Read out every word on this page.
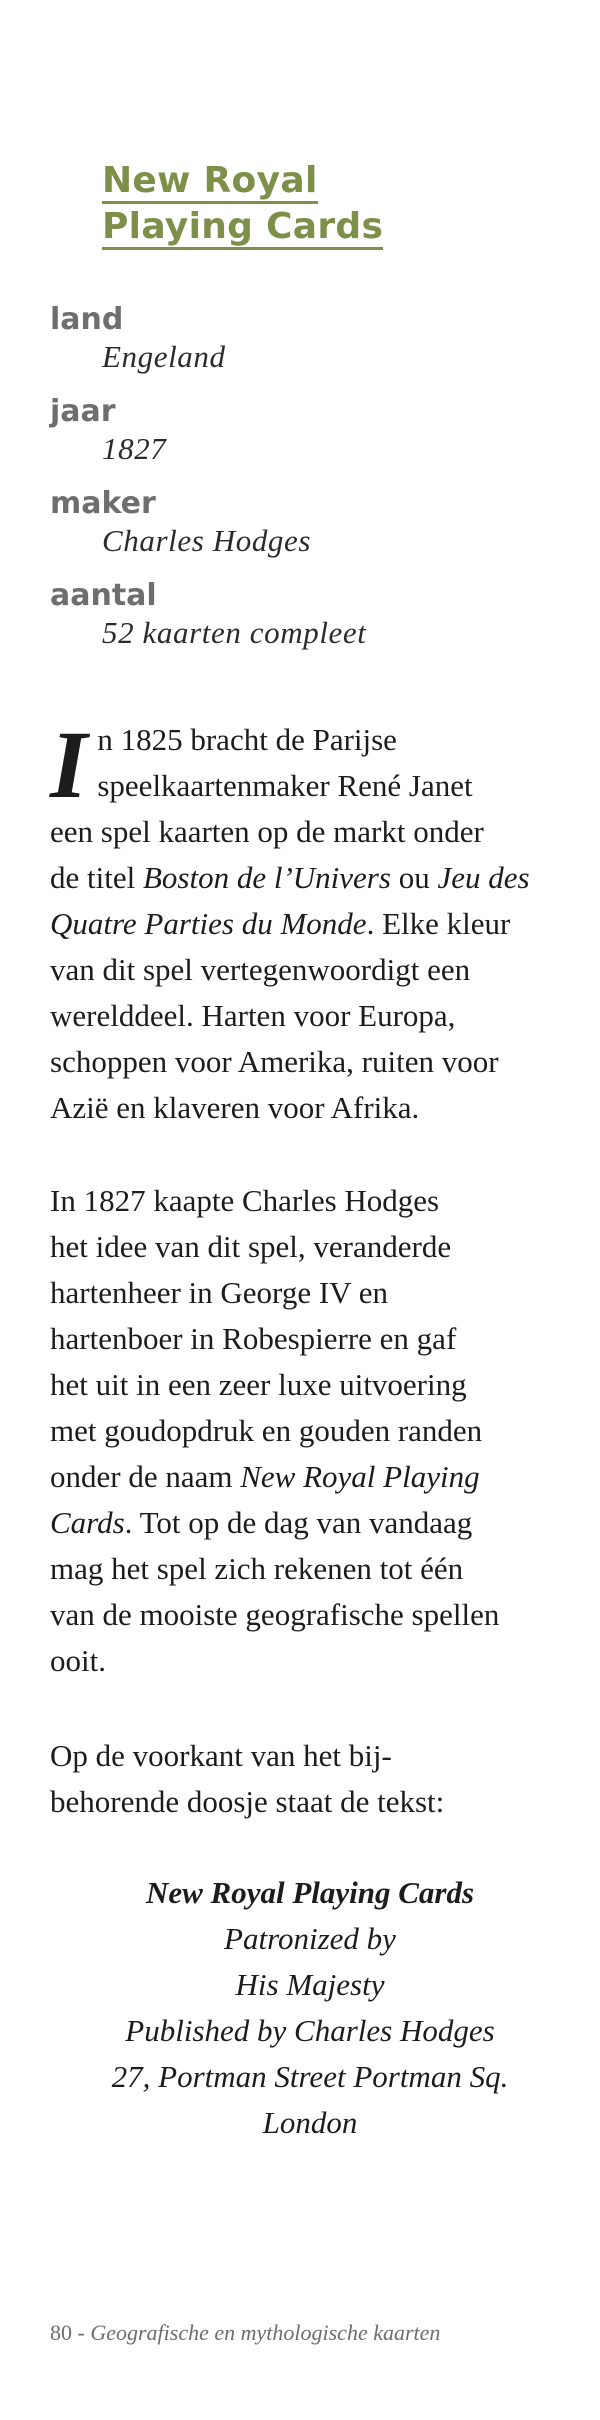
New Royal
Playing Cards
land
Engeland
jaar
1827
maker
Charles Hodges
aantal
52 kaarten compleet
I n 1825 bracht de Parijse
speelkaartenmaker René Janet
een spel kaarten op de markt onder
de titel Boston de l’Univers ou Jeu des
Quatre Parties du Monde. Elke kleur
van dit spel vertegenwoordigt een
werelddeel. Harten voor Europa,
schoppen voor Amerika, ruiten voor
Azië en klaveren voor Afrika.
In 1827 kaapte Charles Hodges
het idee van dit spel, veranderde
hartenheer in George IV en
hartenboer in Robespierre en gaf
het uit in een zeer luxe uitvoering
met goudopdruk en gouden randen
onder de naam New Royal Playing
Cards. Tot op de dag van vandaag
mag het spel zich rekenen tot één
van de mooiste geografische spellen
ooit.
Op de voorkant van het bij-
behorende doosje staat de tekst:
New Royal Playing Cards
Patronized by
His Majesty
Published by Charles Hodges
27, Portman Street Portman Sq.
London
80 - Geografische en mythologische kaarten
